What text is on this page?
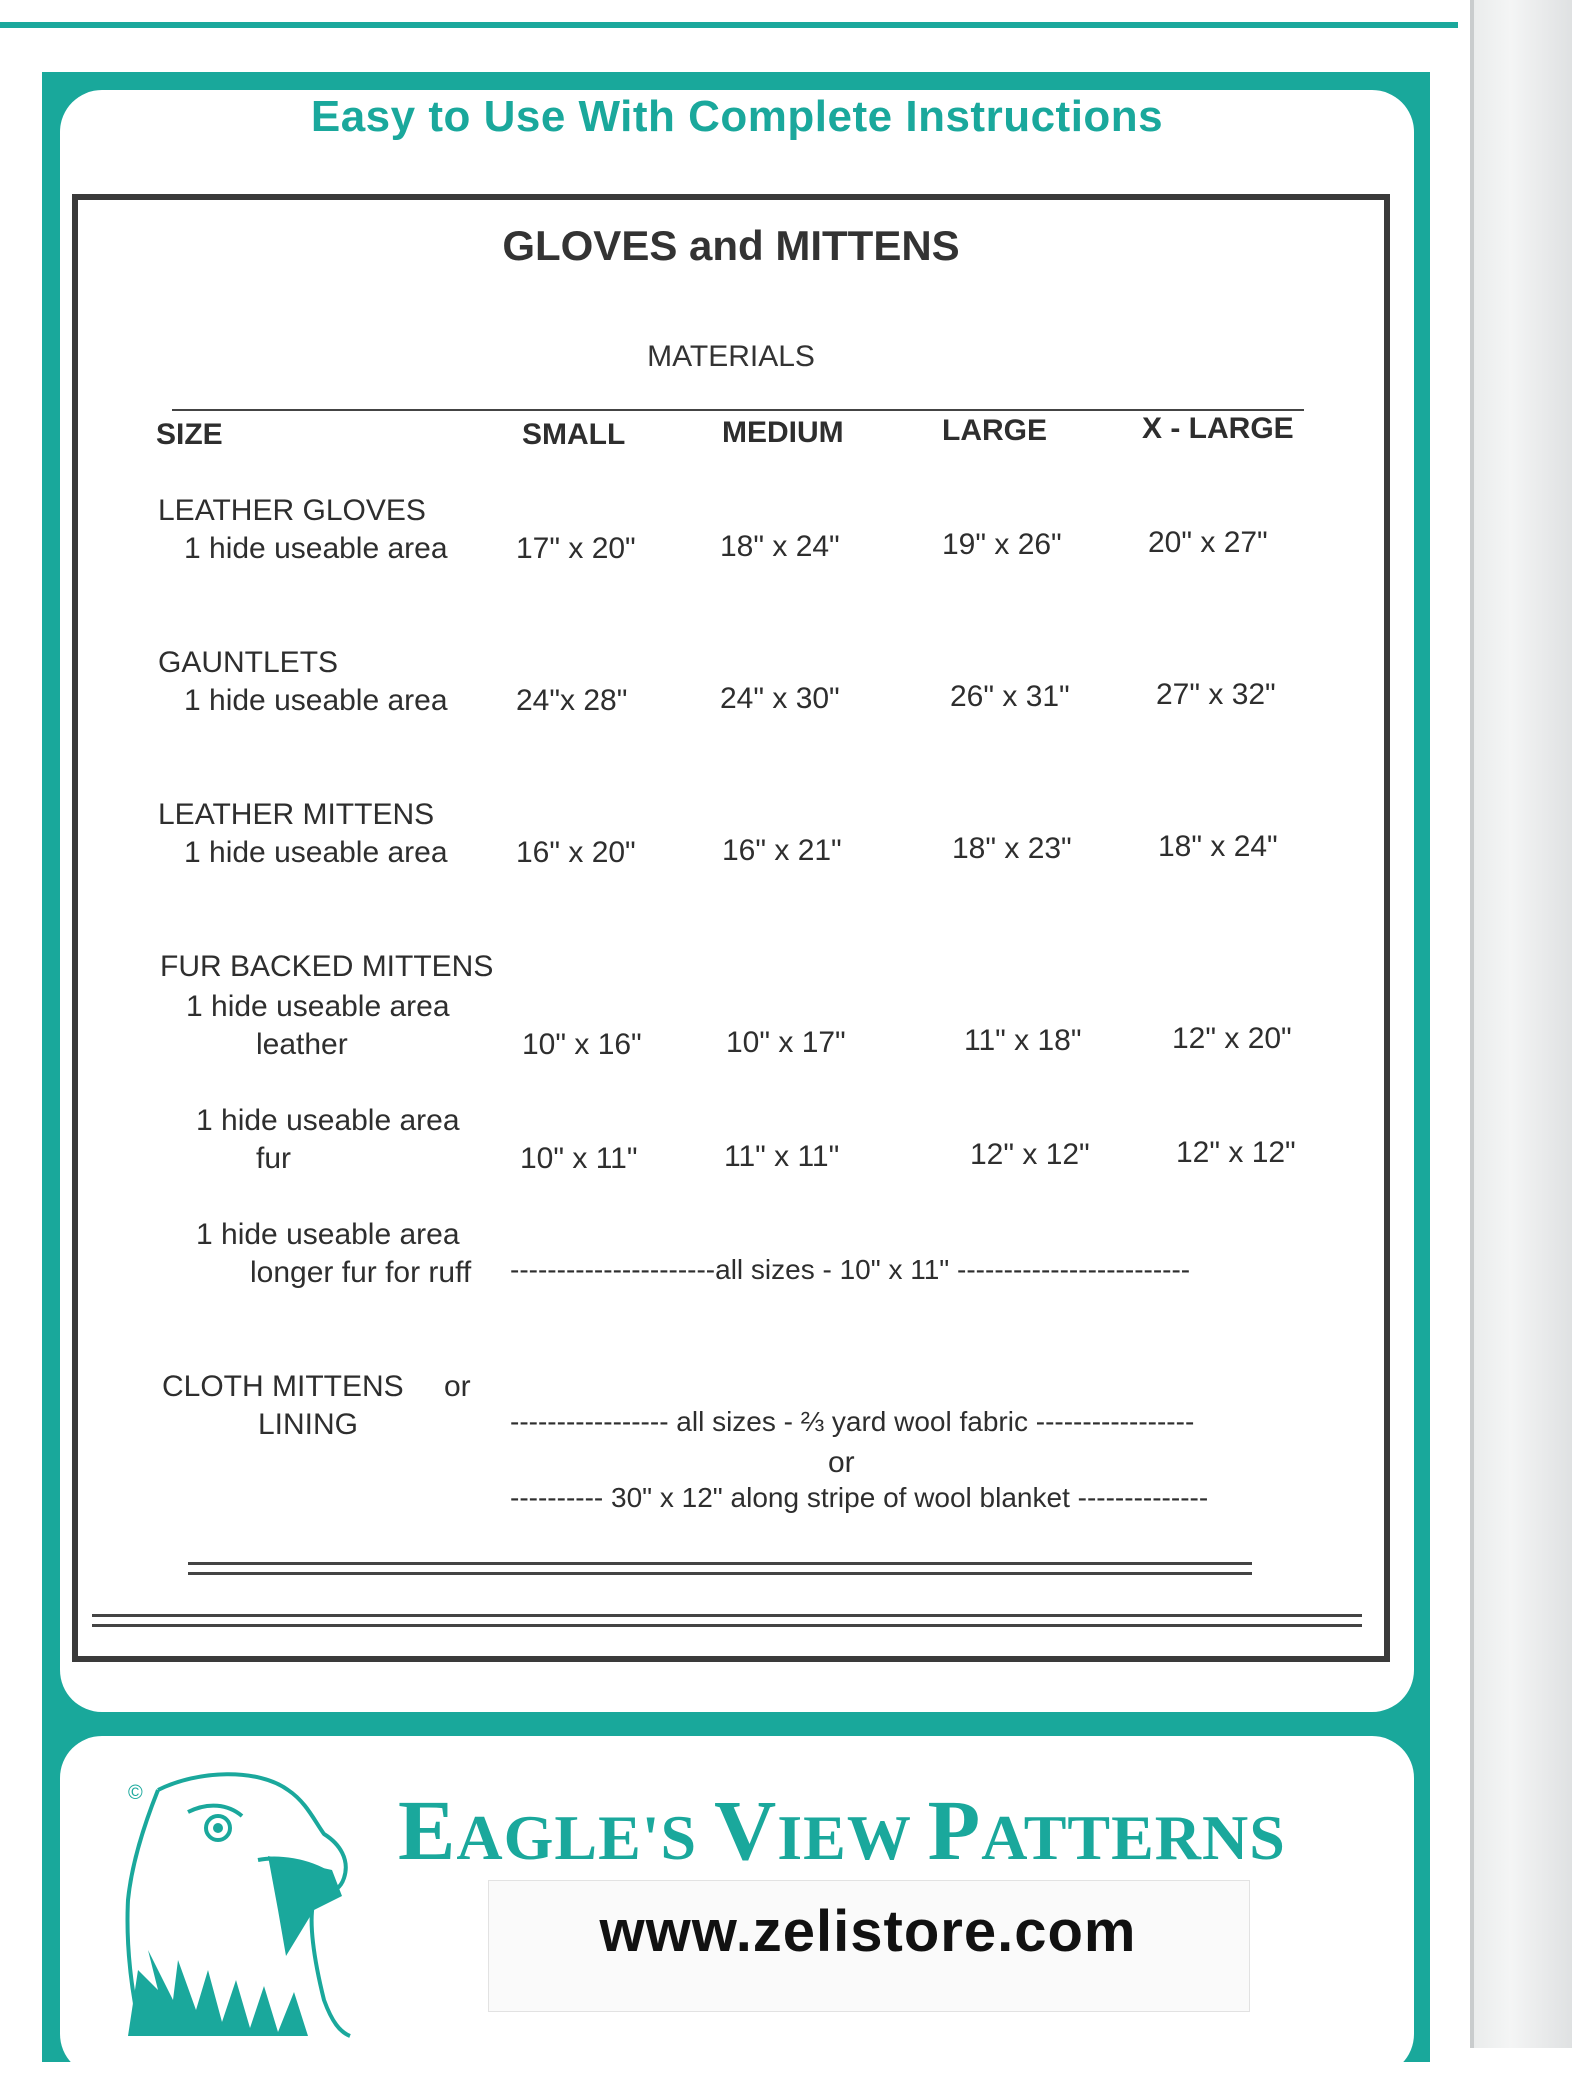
Easy to Use With Complete Instructions
GLOVES and MITTENS
MATERIALS
SIZE	SMALL	MEDIUM	LARGE	X - LARGE
LEATHER GLOVES
1 hide useable area 17" x 20"	18" x 24"	19" x 26"	20" x 27"
GAUNTLETS
1 hide useable area 24"x 28"	24" x 30"	26" x 31"	27" x 32"
LEATHER MITTENS
1 hide useable area 16" x 20"	16" x 21"	18" x 23"	18" x 24"
FUR BACKED MITTENS
1 hide useable area
leather	10" x 16"	10" x 17"	11" x 18"	12" x 20"
1 hide useable area
fur	10" x 11"	11" x 11"	12" x 12"	12" x 12"
1 hide useable area
longer fur for ruff ----------------------all sizes - 10" x 11" -------------------------
CLOTH MITTENS or
LINING	----------------- all sizes - ⅔ yard wool fabric -----------------
or
---------- 30" x 12" along stripe of wool blanket --------------
©	EAGLE'S VIEW PATTERNS
www.zelistore.com
